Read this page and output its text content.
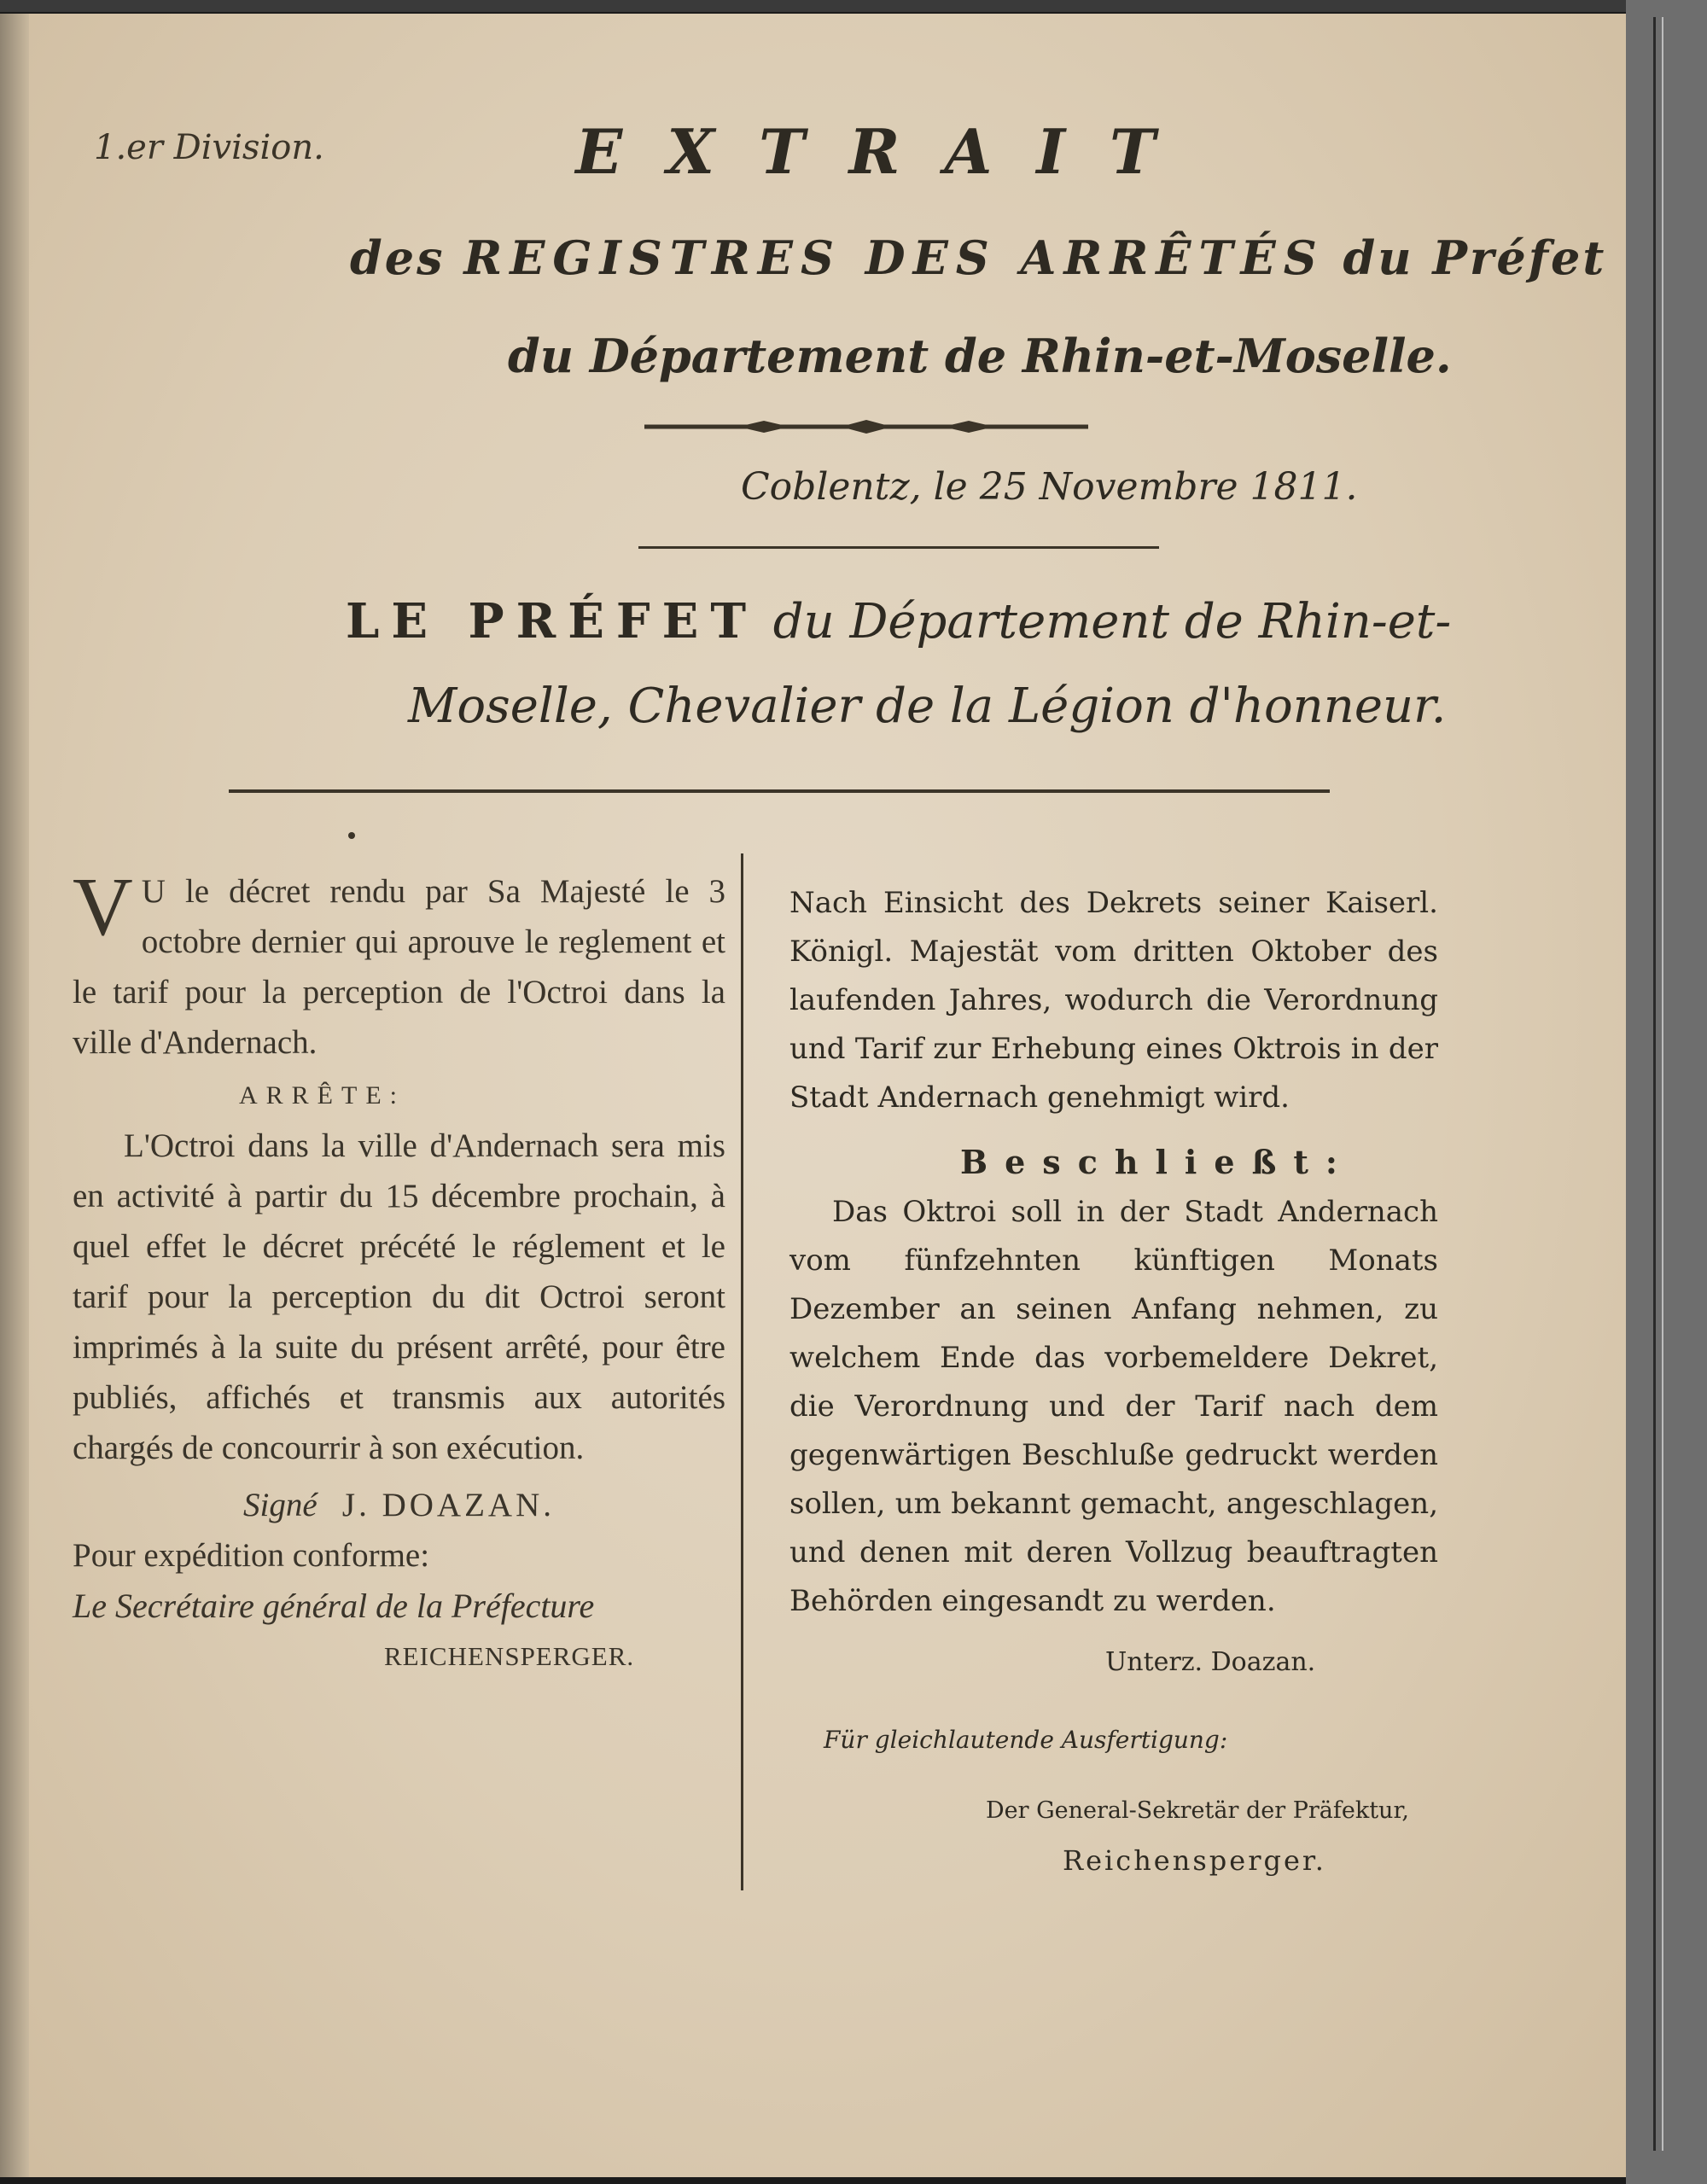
1.er Division.	EXTRAIT
des REGISTRES DES ARRÊTÉS du Préfet
du Département de Rhin-et-Moselle.
Coblentz, le 25 Novembre 1811.
LE PRÉFET du Département de Rhin-et-
Moselle, Chevalier de la Légion d'honneur.

V U le décret rendu par Sa Majesté le 3 octobre dernier qui aprouve le reglement et le tarif pour la perception de l'Octroi dans la ville d'Andernach.

ARRÊTE:

L'Octroi dans la ville d'Andernach sera mis en activité à partir du 15 décembre prochain, à quel effet le décret précété le réglement et le tarif pour la perception du dit Octroi seront imprimés à la suite du présent arrêté, pour être publiés, affichés et transmis aux autorités chargés de concourrir à son exécution.

Signé J. DOAZAN.

Pour expédition conforme:

Le Secrétaire général de la Préfecture

REICHENSPERGER.

Nach Einsicht des Dekrets seiner Kaiserl. Königl. Majestät vom dritten Oktober des laufenden Jahres, wodurch die Verordnung und Tarif zur Erhebung eines Oktrois in der Stadt Andernach genehmigt wird.

Beschließt:

Das Oktroi soll in der Stadt Andernach vom fünfzehnten künftigen Monats Dezember an seinen Anfang nehmen, zu welchem Ende das vorbemeldere Dekret, die Verordnung und der Tarif nach dem gegenwärtigen Beschluße gedruckt werden sollen, um bekannt gemacht, angeschlagen, und denen mit deren Vollzug beauftragten Behörden eingesandt zu werden.

Unterz. Doazan.

Für gleichlautende Ausfertigung:

Der General-Sekretär der Präfektur,

Reichensperger.
